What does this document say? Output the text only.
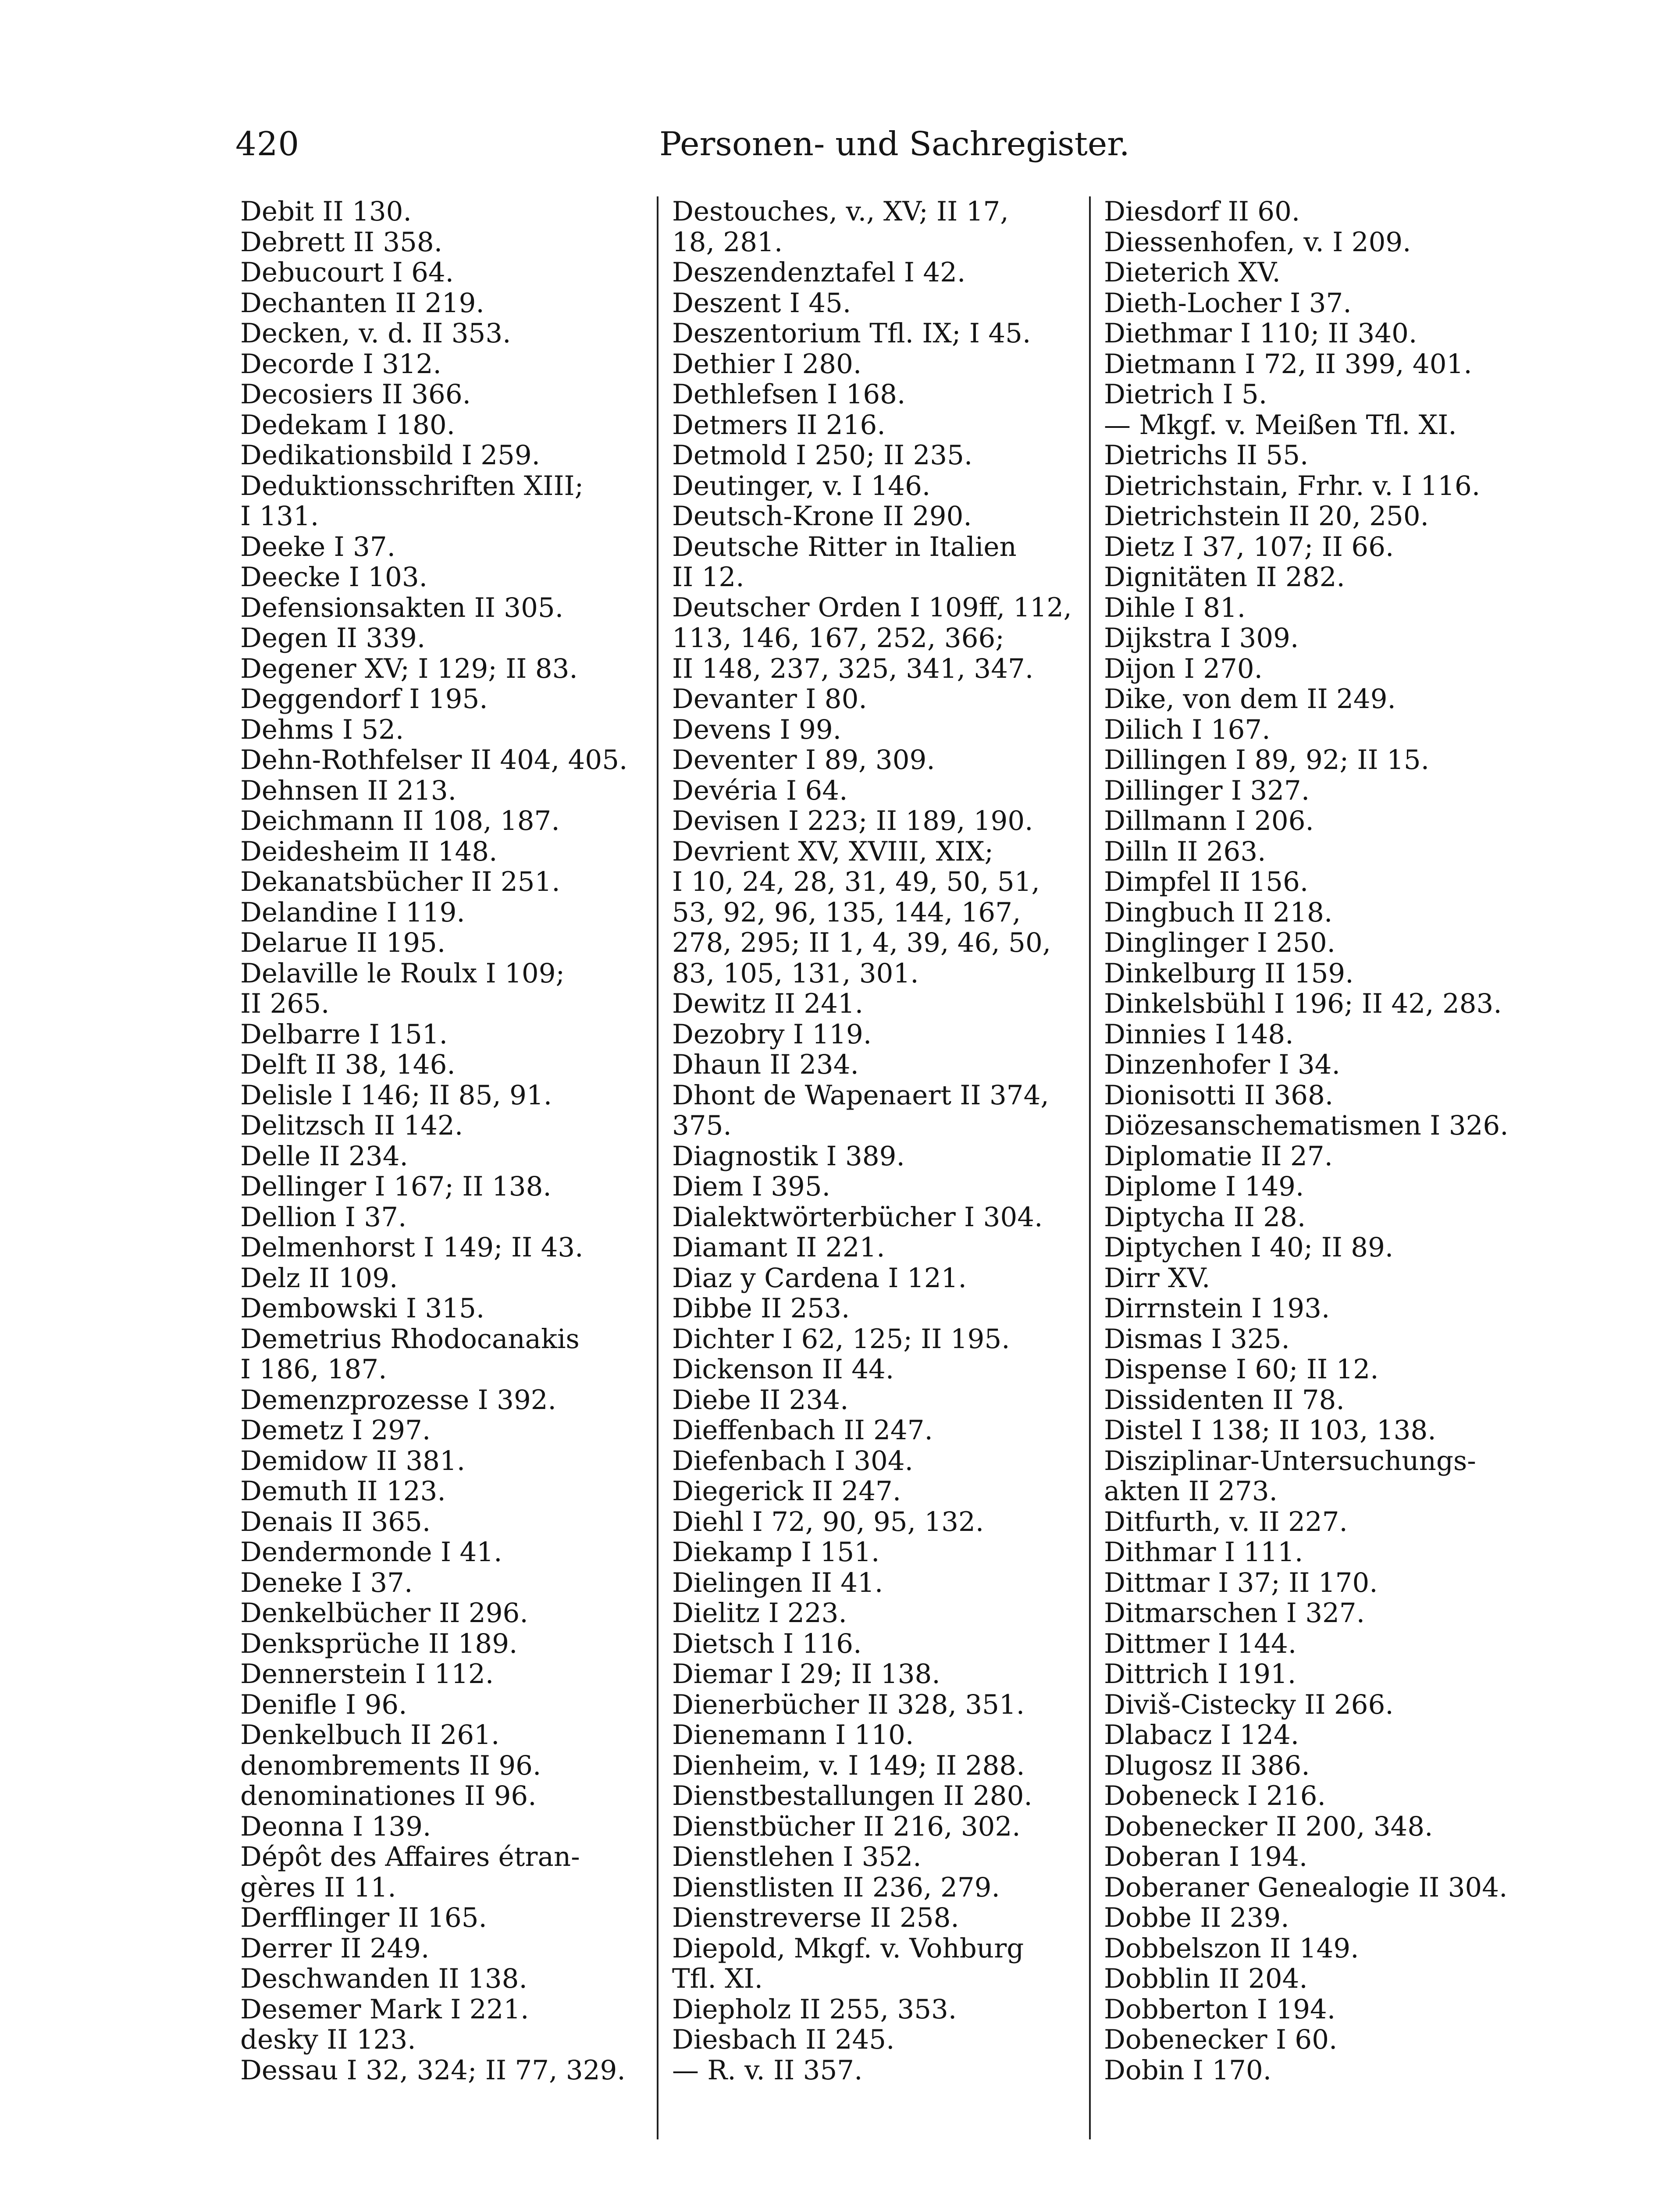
420	Personen- und Sachregister.
Debit II 130.
Debrett II 358.
Debucourt I 64.
Dechanten II 219.
Decken, v. d. II 353.
Decorde I 312.
Decosiers II 366.
Dedekam I 180.
Dedikationsbild I 259.
Deduktionsschriften XIII;
I 131.
Deeke I 37.
Deecke I 103.
Defensionsakten II 305.
Degen II 339.
Degener XV; I 129; II 83.
Deggendorf I 195.
Dehms I 52.
Dehn-Rothfelser II 404, 405.
Dehnsen II 213.
Deichmann II 108, 187.
Deidesheim II 148.
Dekanatsbücher II 251.
Delandine I 119.
Delarue II 195.
Delaville le Roulx I 109;
II 265.
Delbarre I 151.
Delft II 38, 146.
Delisle I 146; II 85, 91.
Delitzsch II 142.
Delle II 234.
Dellinger I 167; II 138.
Dellion I 37.
Delmenhorst I 149; II 43.
Delz II 109.
Dembowski I 315.
Demetrius Rhodocanakis
I 186, 187.
Demenzprozesse I 392.
Demetz I 297.
Demidow II 381.
Demuth II 123.
Denais II 365.
Dendermonde I 41.
Deneke I 37.
Denkelbücher II 296.
Denksprüche II 189.
Dennerstein I 112.
Denifle I 96.
Denkelbuch II 261.
denombrements II 96.
denominationes II 96.
Deonna I 139.
Dépôt des Affaires étran-
gères II 11.
Derfflinger II 165.
Derrer II 249.
Deschwanden II 138.
Desemer Mark I 221.
desky II 123.
Dessau I 32, 324; II 77, 329.
Destouches, v., XV; II 17,
18, 281.
Deszendenztafel I 42.
Deszent I 45.
Deszentorium Tfl. IX; I 45.
Dethier I 280.
Dethlefsen I 168.
Detmers II 216.
Detmold I 250; II 235.
Deutinger, v. I 146.
Deutsch-Krone II 290.
Deutsche Ritter in Italien
II 12.
Deutscher Orden I 109ff, 112,
113, 146, 167, 252, 366;
II 148, 237, 325, 341, 347.
Devanter I 80.
Devens I 99.
Deventer I 89, 309.
Devéria I 64.
Devisen I 223; II 189, 190.
Devrient XV, XVIII, XIX;
I 10, 24, 28, 31, 49, 50, 51,
53, 92, 96, 135, 144, 167,
278, 295; II 1, 4, 39, 46, 50,
83, 105, 131, 301.
Dewitz II 241.
Dezobry I 119.
Dhaun II 234.
Dhont de Wapenaert II 374,
375.
Diagnostik I 389.
Diem I 395.
Dialektwörterbücher I 304.
Diamant II 221.
Diaz y Cardena I 121.
Dibbe II 253.
Dichter I 62, 125; II 195.
Dickenson II 44.
Diebe II 234.
Dieffenbach II 247.
Diefenbach I 304.
Diegerick II 247.
Diehl I 72, 90, 95, 132.
Diekamp I 151.
Dielingen II 41.
Dielitz I 223.
Dietsch I 116.
Diemar I 29; II 138.
Dienerbücher II 328, 351.
Dienemann I 110.
Dienheim, v. I 149; II 288.
Dienstbestallungen II 280.
Dienstbücher II 216, 302.
Dienstlehen I 352.
Dienstlisten II 236, 279.
Dienstreverse II 258.
Diepold, Mkgf. v. Vohburg
Tfl. XI.
Diepholz II 255, 353.
Diesbach II 245.
— R. v. II 357.
Diesdorf II 60.
Diessenhofen, v. I 209.
Dieterich XV.
Dieth-Locher I 37.
Diethmar I 110; II 340.
Dietmann I 72, II 399, 401.
Dietrich I 5.
— Mkgf. v. Meißen Tfl. XI.
Dietrichs II 55.
Dietrichstain, Frhr. v. I 116.
Dietrichstein II 20, 250.
Dietz I 37, 107; II 66.
Dignitäten II 282.
Dihle I 81.
Dijkstra I 309.
Dijon I 270.
Dike, von dem II 249.
Dilich I 167.
Dillingen I 89, 92; II 15.
Dillinger I 327.
Dillmann I 206.
Dilln II 263.
Dimpfel II 156.
Dingbuch II 218.
Dinglinger I 250.
Dinkelburg II 159.
Dinkelsbühl I 196; II 42, 283.
Dinnies I 148.
Dinzenhofer I 34.
Dionisotti II 368.
Diözesanschematismen I 326.
Diplomatie II 27.
Diplome I 149.
Diptycha II 28.
Diptychen I 40; II 89.
Dirr XV.
Dirrnstein I 193.
Dismas I 325.
Dispense I 60; II 12.
Dissidenten II 78.
Distel I 138; II 103, 138.
Disziplinar-Untersuchungs-
akten II 273.
Ditfurth, v. II 227.
Dithmar I 111.
Dittmar I 37; II 170.
Ditmarschen I 327.
Dittmer I 144.
Dittrich I 191.
Diviš-Cistecky II 266.
Dlabacz I 124.
Dlugosz II 386.
Dobeneck I 216.
Dobenecker II 200, 348.
Doberan I 194.
Doberaner Genealogie II 304.
Dobbe II 239.
Dobbelszon II 149.
Dobblin II 204.
Dobberton I 194.
Dobenecker I 60.
Dobin I 170.
